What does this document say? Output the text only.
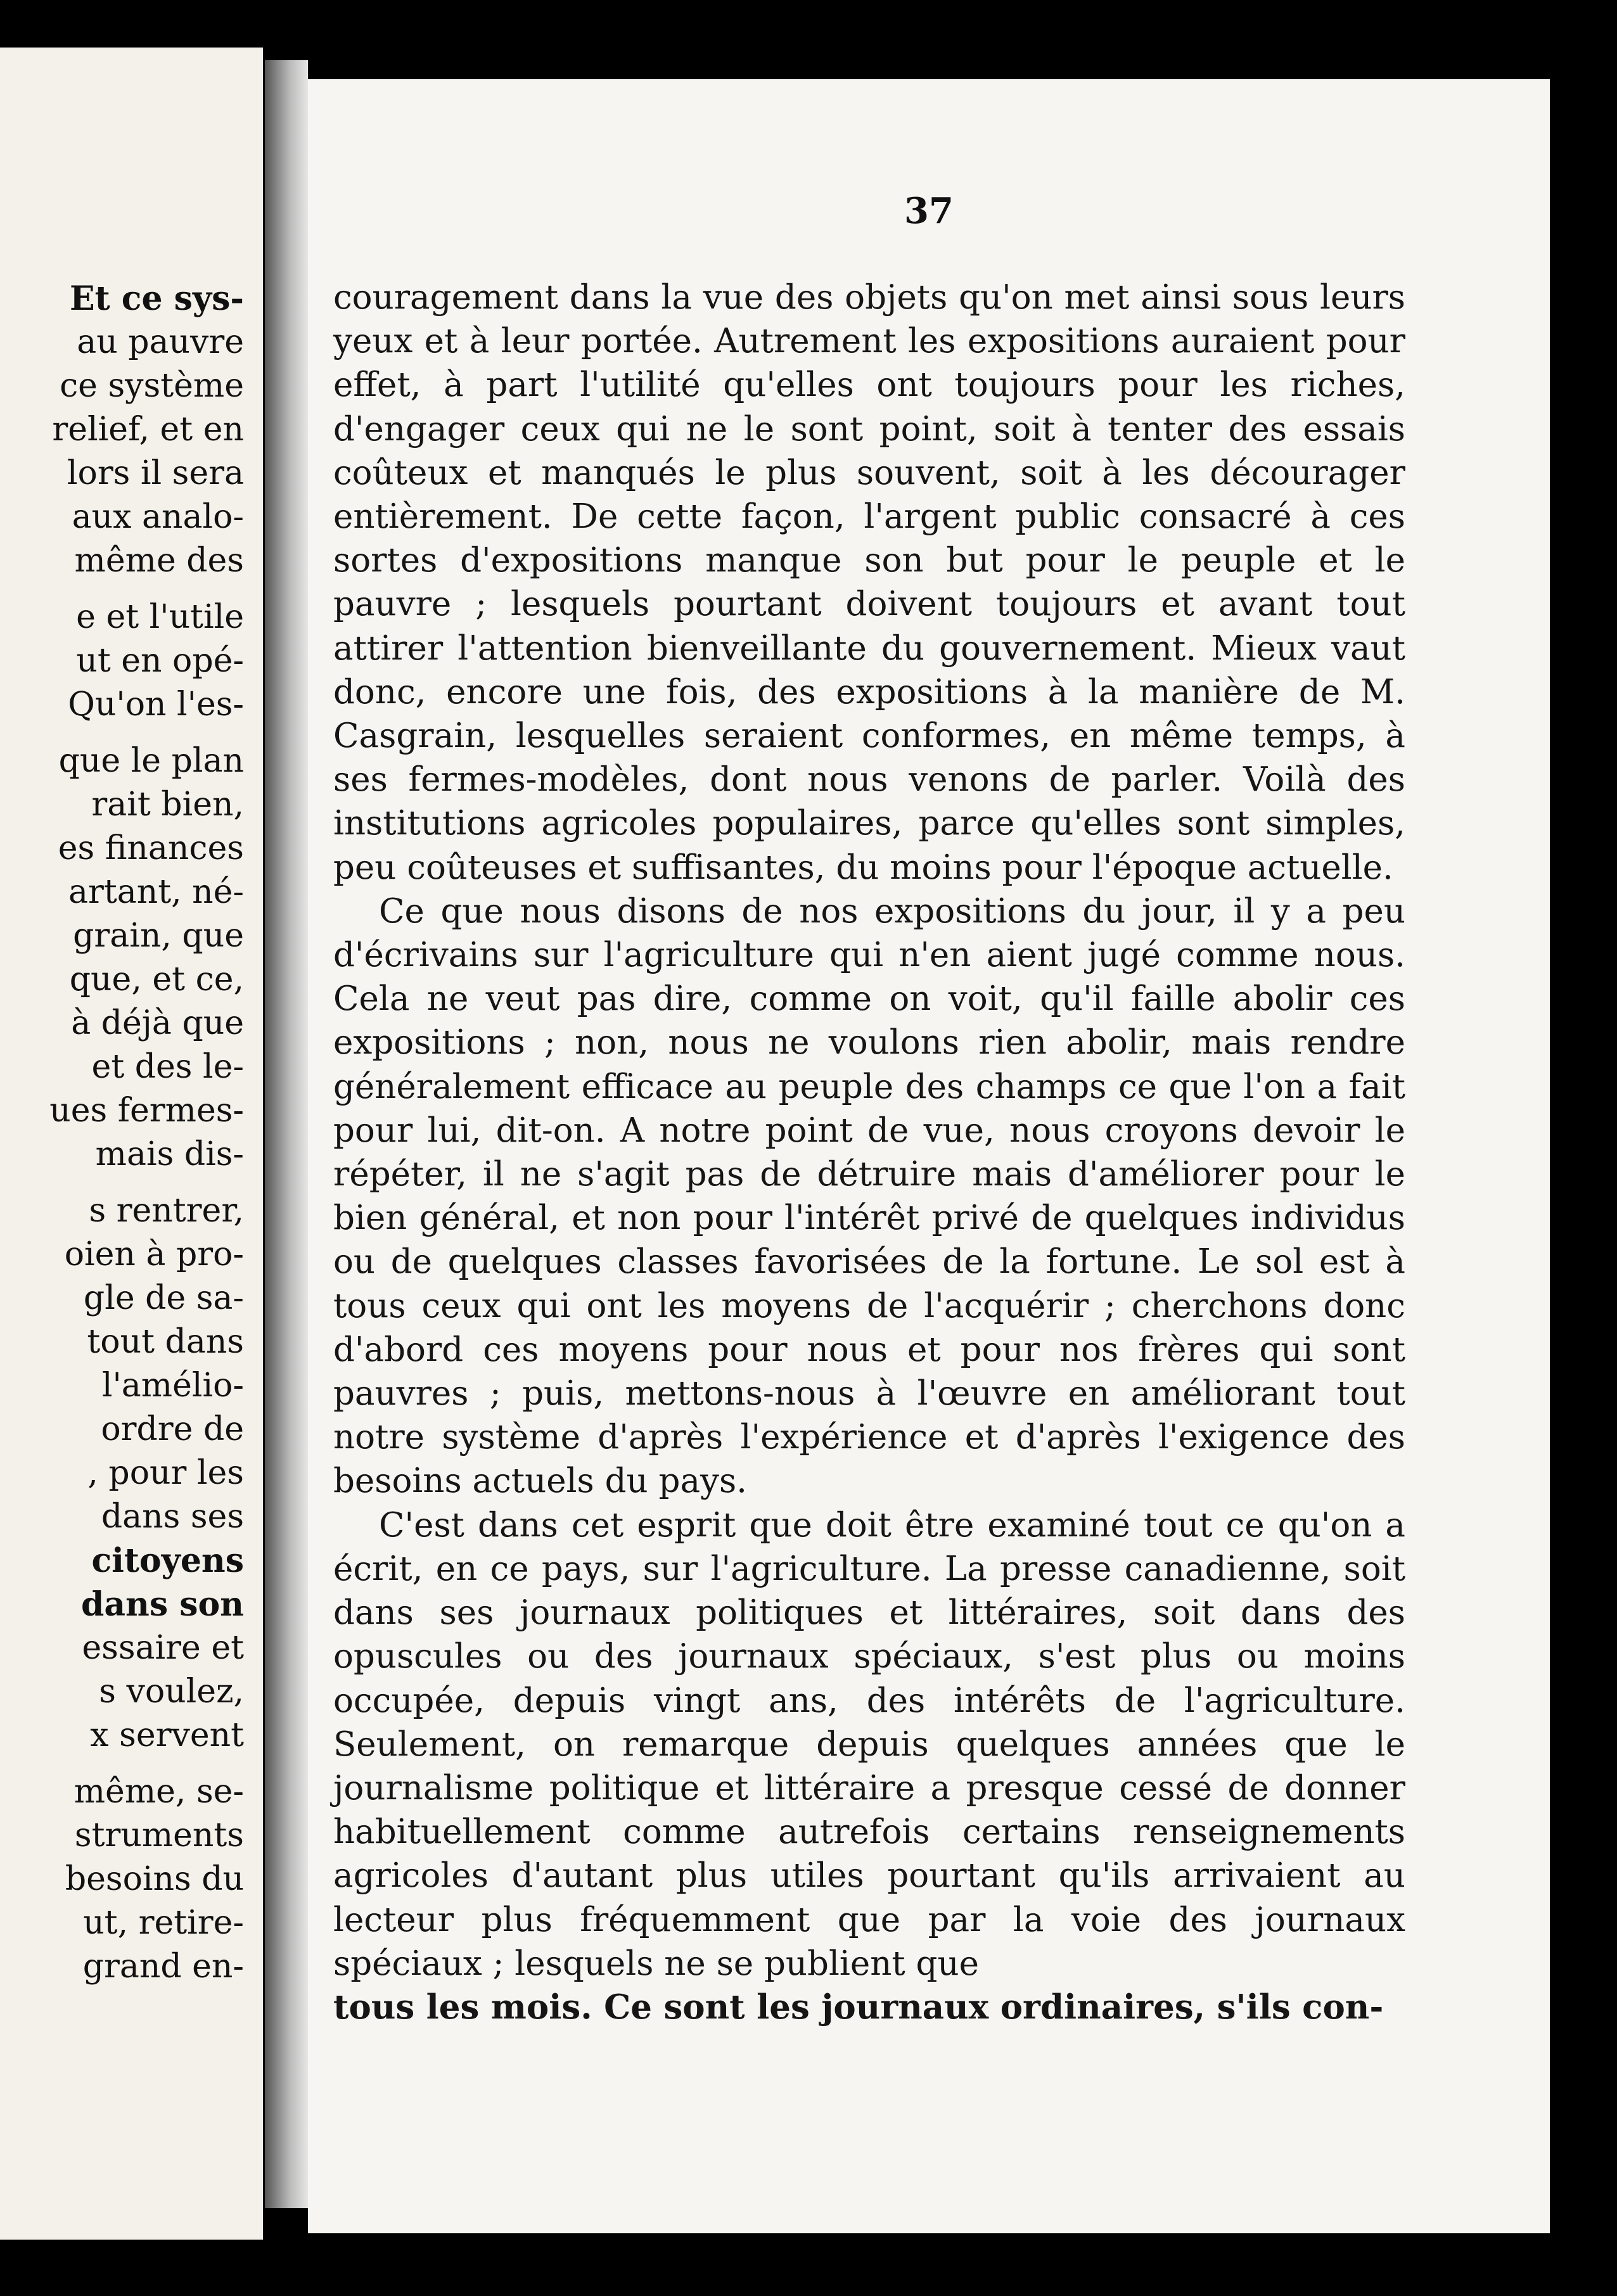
Et ce sys-
au pauvre
ce système
relief, et en
lors il sera
aux analo-
même des
e et l'utile
ut en opé-
Qu'on l'es-
que le plan
rait bien,
es finances
artant, né-
grain, que
que, et ce,
à déjà que
et des le-
ues fermes-
mais dis-
s rentrer,
oien à pro-
gle de sa-
tout dans
l'amélio-
ordre de
, pour les
dans ses
citoyens
dans son
essaire et
s voulez,
x servent
même, se-
struments
besoins du
ut, retire-
grand en-
37

couragement dans la vue des objets qu'on met ainsi sous leurs yeux et à leur portée. Autrement les expositions auraient pour effet, à part l'utilité qu'elles ont toujours pour les riches, d'engager ceux qui ne le sont point, soit à tenter des essais coûteux et manqués le plus souvent, soit à les décourager entièrement. De cette façon, l'argent public consacré à ces sortes d'expositions manque son but pour le peuple et le pauvre ; lesquels pourtant doivent toujours et avant tout attirer l'attention bienveillante du gouvernement. Mieux vaut donc, encore une fois, des expositions à la manière de M. Casgrain, lesquelles seraient conformes, en même temps, à ses fermes-modèles, dont nous venons de parler. Voilà des institutions agricoles populaires, parce qu'elles sont simples, peu coûteuses et suffisantes, du moins pour l'époque actuelle.

Ce que nous disons de nos expositions du jour, il y a peu d'écrivains sur l'agriculture qui n'en aient jugé comme nous. Cela ne veut pas dire, comme on voit, qu'il faille abolir ces expositions ; non, nous ne voulons rien abolir, mais rendre généralement efficace au peuple des champs ce que l'on a fait pour lui, dit-on. A notre point de vue, nous croyons devoir le répéter, il ne s'agit pas de détruire mais d'améliorer pour le bien général, et non pour l'intérêt privé de quelques individus ou de quelques classes favorisées de la fortune. Le sol est à tous ceux qui ont les moyens de l'acquérir ; cherchons donc d'abord ces moyens pour nous et pour nos frères qui sont pauvres ; puis, mettons-nous à l'œuvre en améliorant tout notre système d'après l'expérience et d'après l'exigence des besoins actuels du pays.

C'est dans cet esprit que doit être examiné tout ce qu'on a écrit, en ce pays, sur l'agriculture. La presse canadienne, soit dans ses journaux politiques et littéraires, soit dans des opuscules ou des journaux spéciaux, s'est plus ou moins occupée, depuis vingt ans, des intérêts de l'agriculture. Seulement, on remarque depuis quelques années que le journalisme politique et littéraire a presque cessé de donner habituellement comme autrefois certains renseignements agricoles d'autant plus utiles pourtant qu'ils arrivaient au lecteur plus fréquemment que par la voie des journaux spéciaux ; lesquels ne se publient que

tous les mois. Ce sont les journaux ordinaires, s'ils con-
